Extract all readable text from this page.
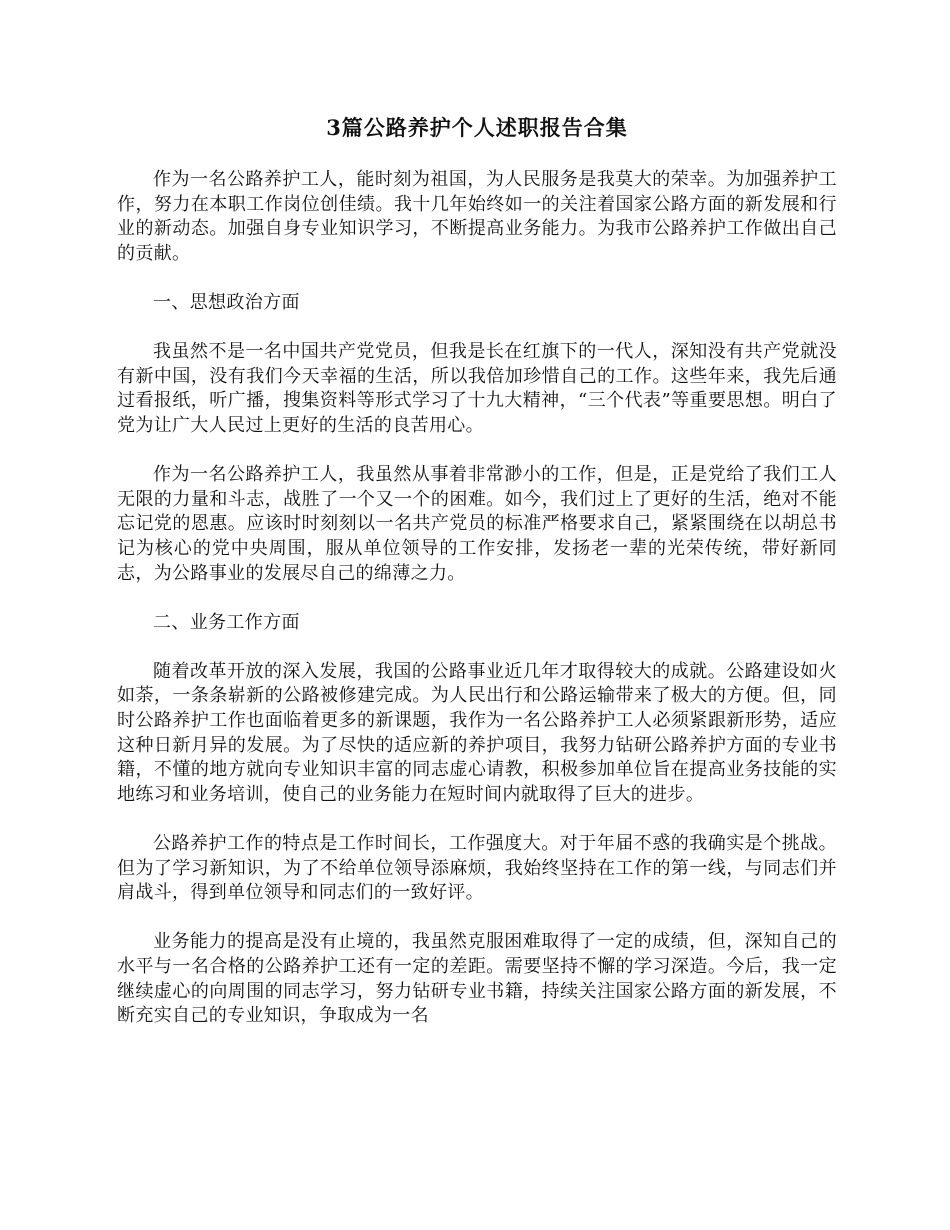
3篇公路养护个人述职报告合集

作为一名公路养护工人，能时刻为祖国，为人民服务是我莫大的荣幸。为加强养护工作，努力在本职工作岗位创佳绩。我十几年始终如一的关注着国家公路方面的新发展和行业的新动态。加强自身专业知识学习，不断提高业务能力。为我市公路养护工作做出自己的贡献。

一、思想政治方面

我虽然不是一名中国共产党党员，但我是长在红旗下的一代人，深知没有共产党就没有新中国，没有我们今天幸福的生活，所以我倍加珍惜自己的工作。这些年来，我先后通过看报纸，听广播，搜集资料等形式学习了十九大精神，“三个代表”等重要思想。明白了党为让广大人民过上更好的生活的良苦用心。

作为一名公路养护工人，我虽然从事着非常渺小的工作，但是，正是党给了我们工人无限的力量和斗志，战胜了一个又一个的困难。如今，我们过上了更好的生活，绝对不能忘记党的恩惠。应该时时刻刻以一名共产党员的标准严格要求自己，紧紧围绕在以胡总书记为核心的党中央周围，服从单位领导的工作安排，发扬老一辈的光荣传统，带好新同志，为公路事业的发展尽自己的绵薄之力。

二、业务工作方面

随着改革开放的深入发展，我国的公路事业近几年才取得较大的成就。公路建设如火如荼，一条条崭新的公路被修建完成。为人民出行和公路运输带来了极大的方便。但，同时公路养护工作也面临着更多的新课题，我作为一名公路养护工人必须紧跟新形势，适应这种日新月异的发展。为了尽快的适应新的养护项目，我努力钻研公路养护方面的专业书籍，不懂的地方就向专业知识丰富的同志虚心请教，积极参加单位旨在提高业务技能的实地练习和业务培训，使自己的业务能力在短时间内就取得了巨大的进步。

公路养护工作的特点是工作时间长，工作强度大。对于年届不惑的我确实是个挑战。但为了学习新知识，为了不给单位领导添麻烦，我始终坚持在工作的第一线，与同志们并肩战斗，得到单位领导和同志们的一致好评。

业务能力的提高是没有止境的，我虽然克服困难取得了一定的成绩，但，深知自己的水平与一名合格的公路养护工还有一定的差距。需要坚持不懈的学习深造。今后，我一定继续虚心的向周围的同志学习，努力钻研专业书籍，持续关注国家公路方面的新发展，不断充实自己的专业知识，争取成为一名
